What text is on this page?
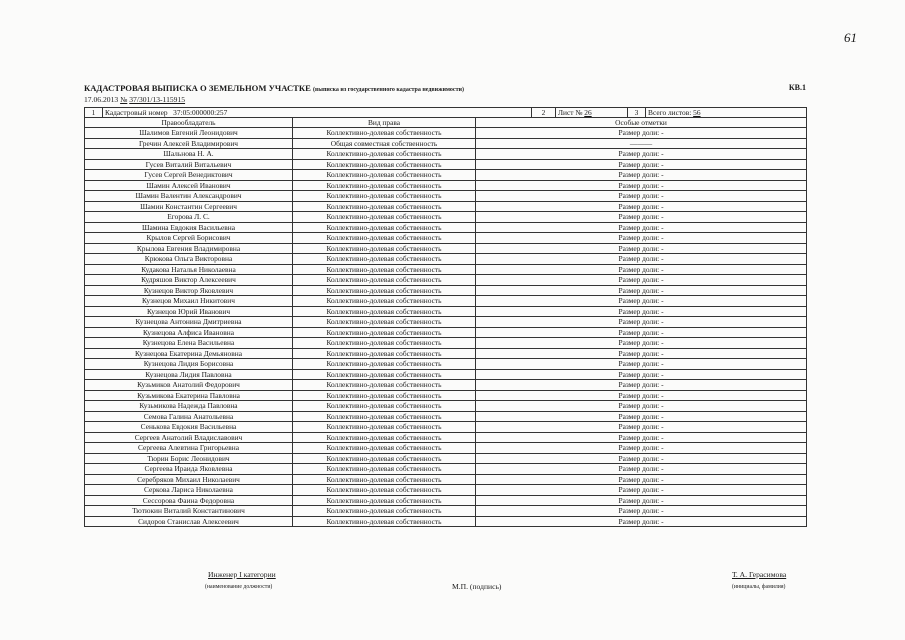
61
КАДАСТРОВАЯ ВЫПИСКА О ЗЕМЕЛЬНОМ УЧАСТКЕ (выписка из государственного кадастра недвижимости)	КВ.1
17.06.2013 № 37/301/13-115915
1	Кадастровый номер 37:05:000000:257			2	Лист № 26	3	Всего листов: 56
Правообладатель		Вид права	Особые отметки				
Шалимов Евгений Леонидович		Коллективно-долевая собственность	Размер доли: -				
Гречин Алексей Владимирович		Общая совместная собственность	———				
Шальнова Н. А.		Коллективно-долевая собственность	Размер доли: -				
Гусев Виталий Витальевич		Коллективно-долевая собственность	Размер доли: -				
Гусев Сергей Венедиктович		Коллективно-долевая собственность	Размер доли: -				
Шамин Алексей Иванович		Коллективно-долевая собственность	Размер доли: -				
Шамин Валентин Александрович		Коллективно-долевая собственность	Размер доли: -				
Шамин Константин Сергеевич		Коллективно-долевая собственность	Размер доли: -				
Егорова Л. С.		Коллективно-долевая собственность	Размер доли: -				
Шамина Евдокия Васильевна		Коллективно-долевая собственность	Размер доли: -				
Крылов Сергей Борисович		Коллективно-долевая собственность	Размер доли: -				
Крылова Евгения Владимировна		Коллективно-долевая собственность	Размер доли: -				
Крюкова Ольга Викторовна		Коллективно-долевая собственность	Размер доли: -				
Кудакова Наталья Николаевна		Коллективно-долевая собственность	Размер доли: -				
Кудряшов Виктор Алексеевич		Коллективно-долевая собственность	Размер доли: -				
Кузнецов Виктор Яковлевич		Коллективно-долевая собственность	Размер доли: -				
Кузнецов Михаил Никитович		Коллективно-долевая собственность	Размер доли: -				
Кузнецов Юрий Иванович		Коллективно-долевая собственность	Размер доли: -				
Кузнецова Антонина Дмитриевна		Коллективно-долевая собственность	Размер доли: -				
Кузнецова Алфиса Ивановна		Коллективно-долевая собственность	Размер доли: -				
Кузнецова Елена Васильевна		Коллективно-долевая собственность	Размер доли: -				
Кузнецова Екатерина Демьяновна		Коллективно-долевая собственность	Размер доли: -				
Кузнецова Лидия Борисовна		Коллективно-долевая собственность	Размер доли: -				
Кузнецова Лидия Павловна		Коллективно-долевая собственность	Размер доли: -				
Кузьмиков Анатолий Федорович		Коллективно-долевая собственность	Размер доли: -				
Кузьмикова Екатерина Павловна		Коллективно-долевая собственность	Размер доли: -				
Кузьмикова Надежда Павловна		Коллективно-долевая собственность	Размер доли: -				
Семова Галина Анатольевна		Коллективно-долевая собственность	Размер доли: -				
Сенькова Евдокия Васильевна		Коллективно-долевая собственность	Размер доли: -				
Сергеев Анатолий Владиславович		Коллективно-долевая собственность	Размер доли: -				
Сергеева Алевтина Григорьевна		Коллективно-долевая собственность	Размер доли: -				
Тюрин Борис Леонидович		Коллективно-долевая собственность	Размер доли: -				
Сергеева Ираида Яковлевна		Коллективно-долевая собственность	Размер доли: -				
Серебряков Михаил Николаевич		Коллективно-долевая собственность	Размер доли: -				
Серкова Лариса Николаевна		Коллективно-долевая собственность	Размер доли: -				
Сессорова Фаина Федоровна		Коллективно-долевая собственность	Размер доли: -				
Тютюкин Виталий Константинович		Коллективно-долевая собственность	Размер доли: -				
Сидоров Станислав Алексеевич		Коллективно-долевая собственность	Размер доли: -				
Инженер I категории
(наименование должности)	М.П. (подпись)
Т. А. Герасимова
(инициалы, фамилия)
